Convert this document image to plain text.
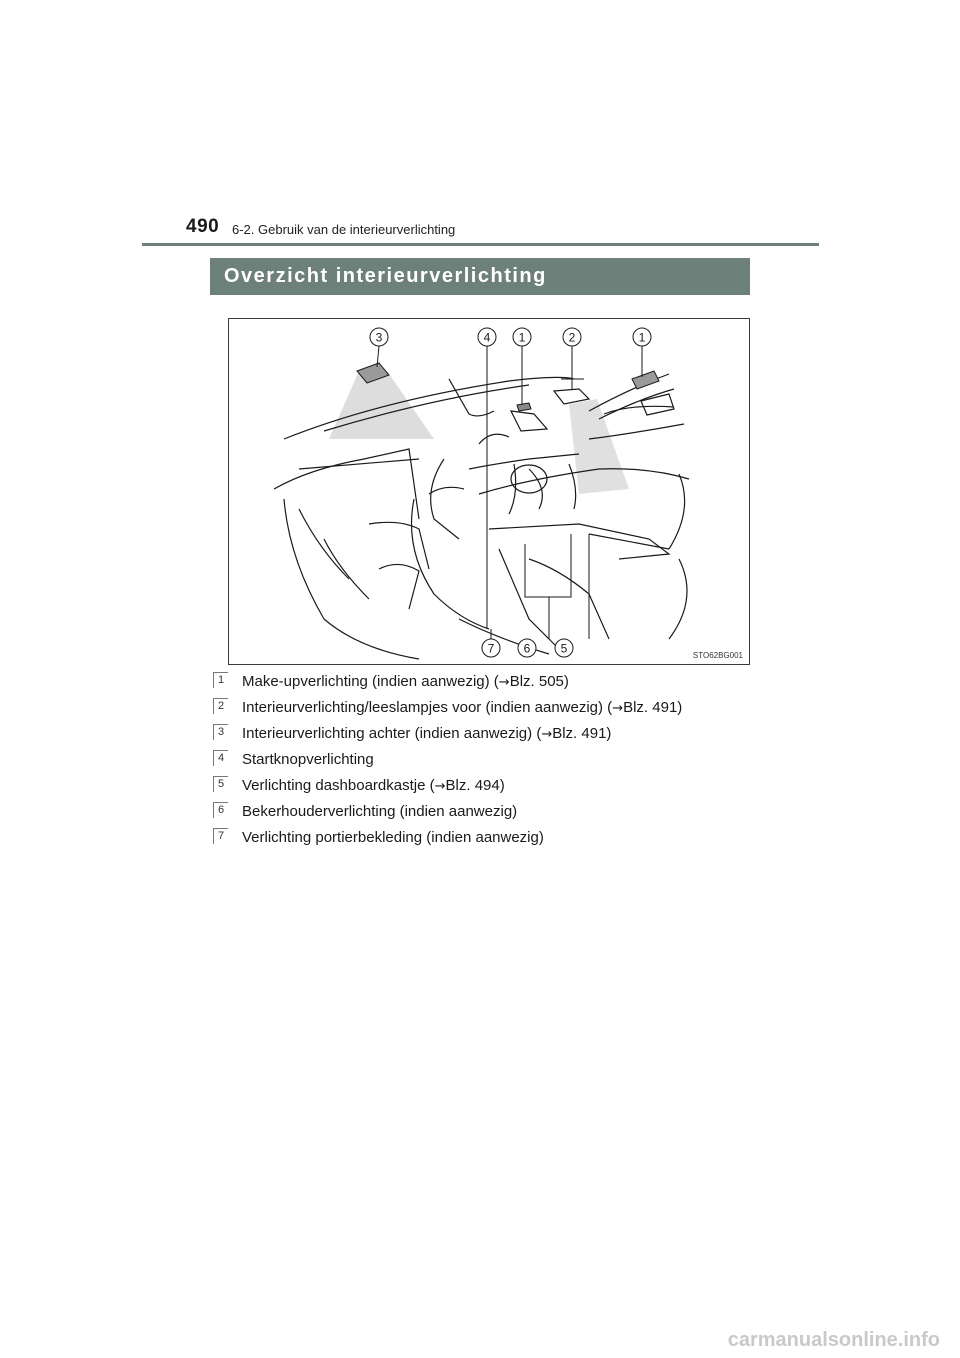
490 6-2. Gebruik van de interieurverlichting
Overzicht interieurverlichting
3	4 1	2	1
7 6	5	STO62BG001
1 Make-upverlichting (indien aanwezig) (→Blz. 505)
2 Interieurverlichting/leeslampjes voor (indien aanwezig) (→Blz. 491)
3 Interieurverlichting achter (indien aanwezig) (→Blz. 491)
4 Startknopverlichting
5 Verlichting dashboardkastje (→Blz. 494)
6 Bekerhouderverlichting (indien aanwezig)
7 Verlichting portierbekleding (indien aanwezig)
carmanualsonline.info
